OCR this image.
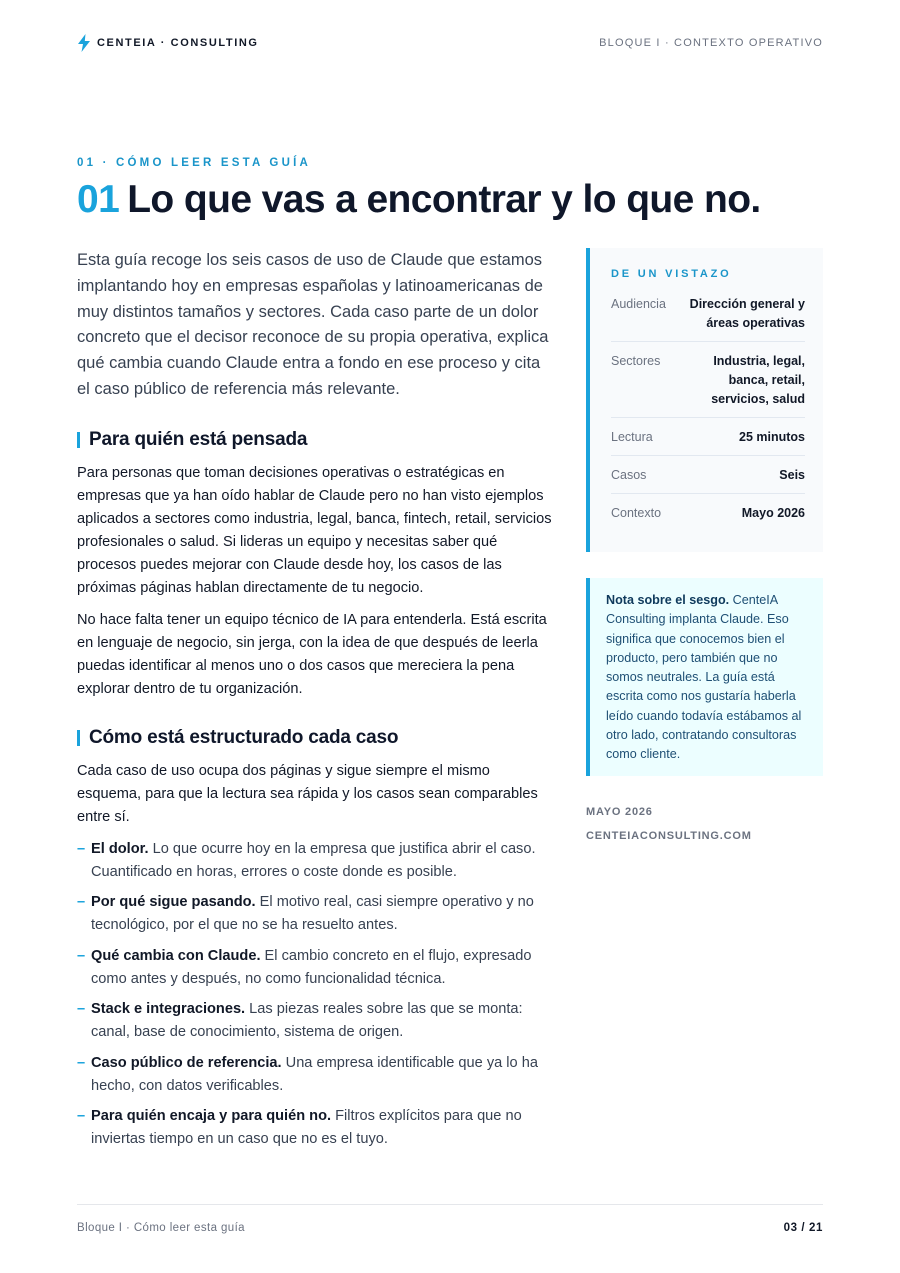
CENTEIA · CONSULTING	BLOQUE I · CONTEXTO OPERATIVO
01 · CÓMO LEER ESTA GUÍA
01 Lo que vas a encontrar y lo que no.

Esta guía recoge los seis casos de uso de Claude que estamos implantando hoy en empresas españolas y latinoamericanas de muy distintos tamaños y sectores. Cada caso parte de un dolor concreto que el decisor reconoce de su propia operativa, explica qué cambia cuando Claude entra a fondo en ese proceso y cita el caso público de referencia más relevante.

Para quién está pensada

Para personas que toman decisiones operativas o estratégicas en empresas que ya han oído hablar de Claude pero no han visto ejemplos aplicados a sectores como industria, legal, banca, fintech, retail, servicios profesionales o salud. Si lideras un equipo y necesitas saber qué procesos puedes mejorar con Claude desde hoy, los casos de las próximas páginas hablan directamente de tu negocio.

No hace falta tener un equipo técnico de IA para entenderla. Está escrita en lenguaje de negocio, sin jerga, con la idea de que después de leerla puedas identificar al menos uno o dos casos que mereciera la pena explorar dentro de tu organización.

Cómo está estructurado cada caso

Cada caso de uso ocupa dos páginas y sigue siempre el mismo esquema, para que la lectura sea rápida y los casos sean comparables entre sí.

– El dolor. Lo que ocurre hoy en la empresa que justifica abrir el caso. Cuantificado en horas, errores o coste donde es posible.
– Por qué sigue pasando. El motivo real, casi siempre operativo y no tecnológico, por el que no se ha resuelto antes.
– Qué cambia con Claude. El cambio concreto en el flujo, expresado como antes y después, no como funcionalidad técnica.
– Stack e integraciones. Las piezas reales sobre las que se monta: canal, base de conocimiento, sistema de origen.
– Caso público de referencia. Una empresa identificable que ya lo ha hecho, con datos verificables.
– Para quién encaja y para quién no. Filtros explícitos para que no inviertas tiempo en un caso que no es el tuyo.
DE UN VISTAZO
Audiencia	Dirección general y áreas operativas
Sectores	Industria, legal, banca, retail, servicios, salud
Lectura	25 minutos
Casos	Seis
Contexto	Mayo 2026
Nota sobre el sesgo. CenteIA Consulting implanta Claude. Eso significa que conocemos bien el producto, pero también que no somos neutrales. La guía está escrita como nos gustaría haberla leído cuando todavía estábamos al otro lado, contratando consultoras como cliente.
MAYO 2026
CENTEIACONSULTING.COM
Bloque I · Cómo leer esta guía	03 / 21
